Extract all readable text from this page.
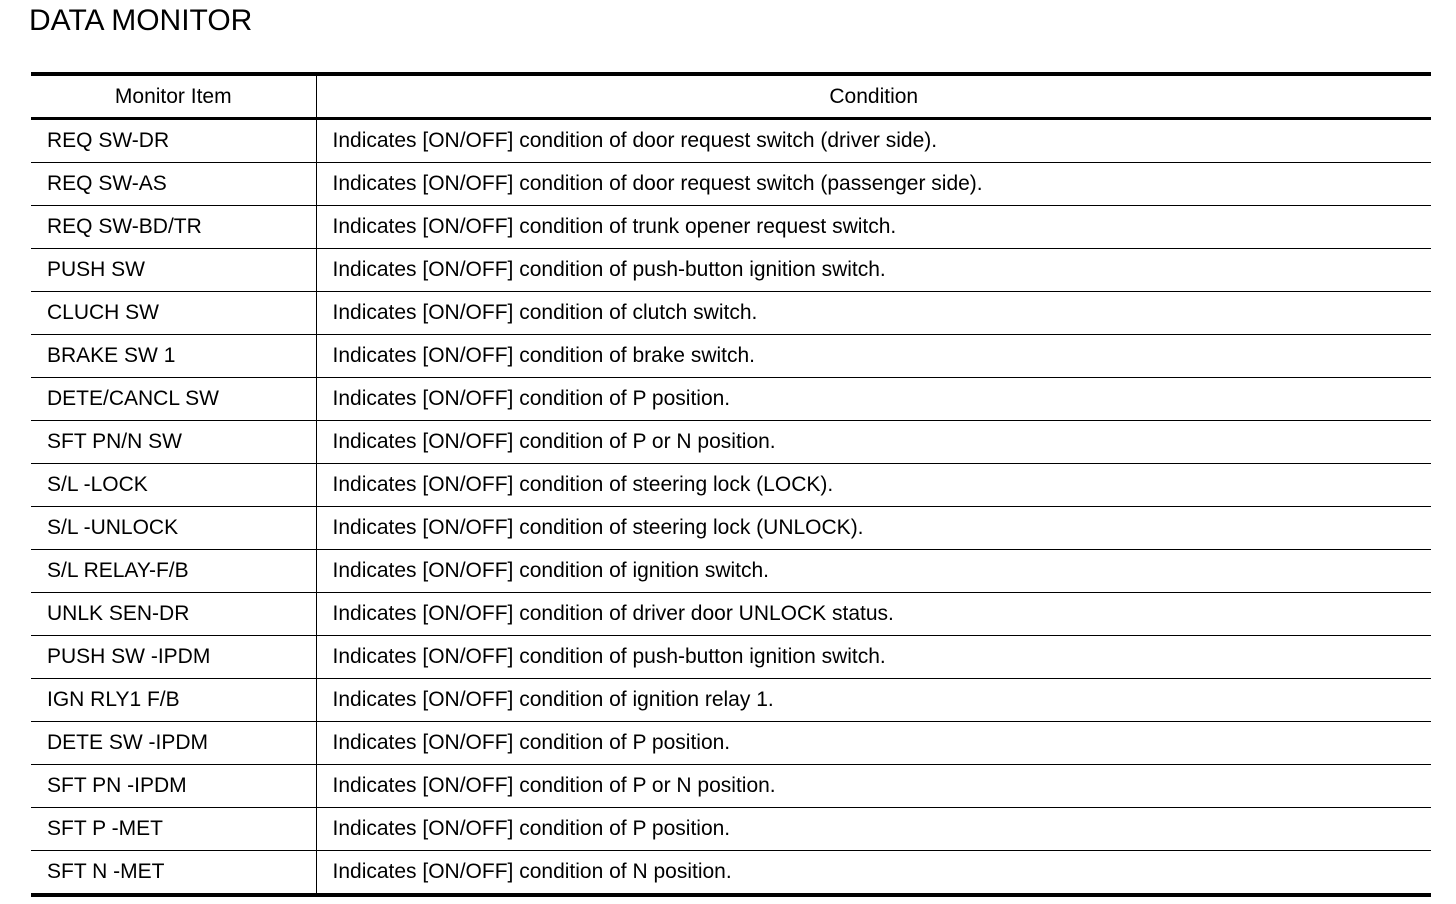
DATA MONITOR
Monitor Item	Condition
REQ SW-DR	Indicates [ON/OFF] condition of door request switch (driver side).
REQ SW-AS	Indicates [ON/OFF] condition of door request switch (passenger side).
REQ SW-BD/TR	Indicates [ON/OFF] condition of trunk opener request switch.
PUSH SW	Indicates [ON/OFF] condition of push-button ignition switch.
CLUCH SW	Indicates [ON/OFF] condition of clutch switch.
BRAKE SW 1	Indicates [ON/OFF] condition of brake switch.
DETE/CANCL SW	Indicates [ON/OFF] condition of P position.
SFT PN/N SW	Indicates [ON/OFF] condition of P or N position.
S/L -LOCK	Indicates [ON/OFF] condition of steering lock (LOCK).
S/L -UNLOCK	Indicates [ON/OFF] condition of steering lock (UNLOCK).
S/L RELAY-F/B	Indicates [ON/OFF] condition of ignition switch.
UNLK SEN-DR	Indicates [ON/OFF] condition of driver door UNLOCK status.
PUSH SW -IPDM	Indicates [ON/OFF] condition of push-button ignition switch.
IGN RLY1 F/B	Indicates [ON/OFF] condition of ignition relay 1.
DETE SW -IPDM	Indicates [ON/OFF] condition of P position.
SFT PN -IPDM	Indicates [ON/OFF] condition of P or N position.
SFT P -MET	Indicates [ON/OFF] condition of P position.
SFT N -MET	Indicates [ON/OFF] condition of N position.
